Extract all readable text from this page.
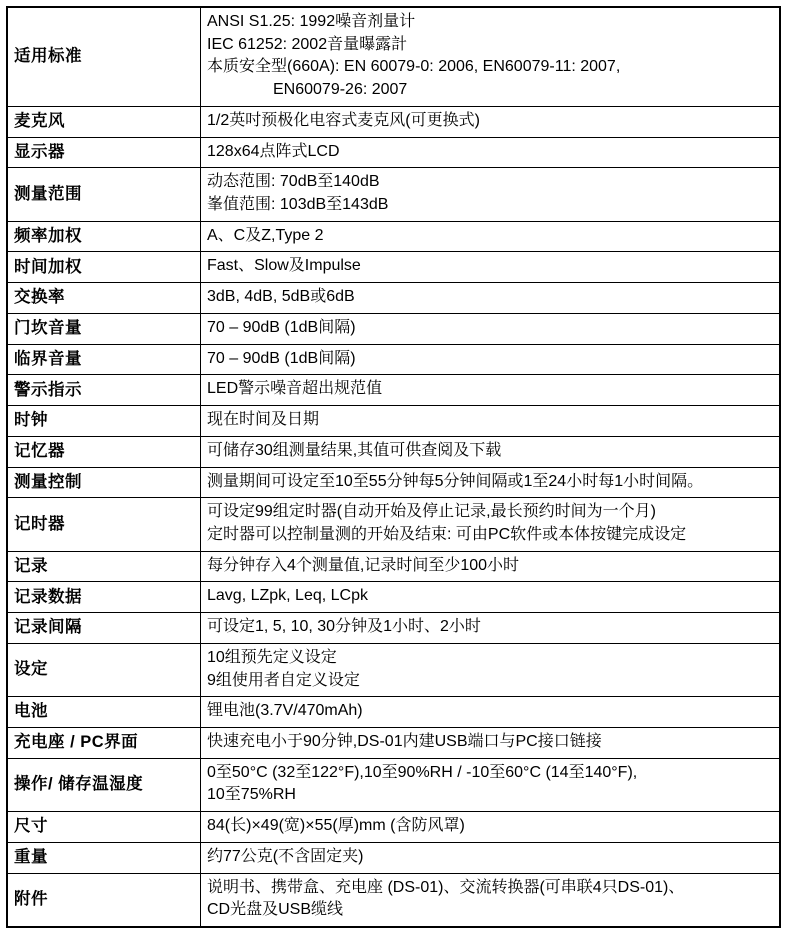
适用标准	ANSI S1.25: 1992噪音剂量计
IEC 61252: 2002音量曝露計
本质安全型(660A): EN 60079-0: 2006, EN60079-11: 2007,
EN60079-26: 2007

麦克风	1/2英吋预极化电容式麦克风(可更换式)

显示器	128x64点阵式LCD

测量范围	动态范围: 70dB至140dB
峯值范围: 103dB至143dB

频率加权	A、C及Z,Type 2

时间加权	Fast、Slow及Impulse

交换率	3dB, 4dB, 5dB或6dB

门坎音量	70 – 90dB (1dB间隔)

临界音量	70 – 90dB (1dB间隔)

警示指示	LED警示噪音超出规范值

时钟	现在时间及日期

记忆器	可储存30组测量结果,其值可供查阅及下载

测量控制	测量期间可设定至10至55分钟每5分钟间隔或1至24小时每1小时间隔。

记时器	可设定99组定时器(自动开始及停止记录,最长预约时间为一个月)
定时器可以控制量测的开始及结束: 可由PC软件或本体按键完成设定

记录	每分钟存入4个测量值,记录时间至少100小时

记录数据	Lavg, LZpk, Leq, LCpk

记录间隔	可设定1, 5, 10, 30分钟及1小时、2小时

设定	10组预先定义设定
9组使用者自定义设定

电池	锂电池(3.7V/470mAh)

充电座 / PC界面	快速充电小于90分钟,DS-01内建USB端口与PC接口链接

操作/ 储存温湿度	0至50°C (32至122°F),10至90%RH / -10至60°C (14至140°F),
10至75%RH

尺寸	84(长)×49(宽)×55(厚)mm (含防风罩)

重量	约77公克(不含固定夹)

附件	说明书、携带盒、充电座 (DS-01)、交流转换器(可串联4只DS-01)、
CD光盘及USB缆线
